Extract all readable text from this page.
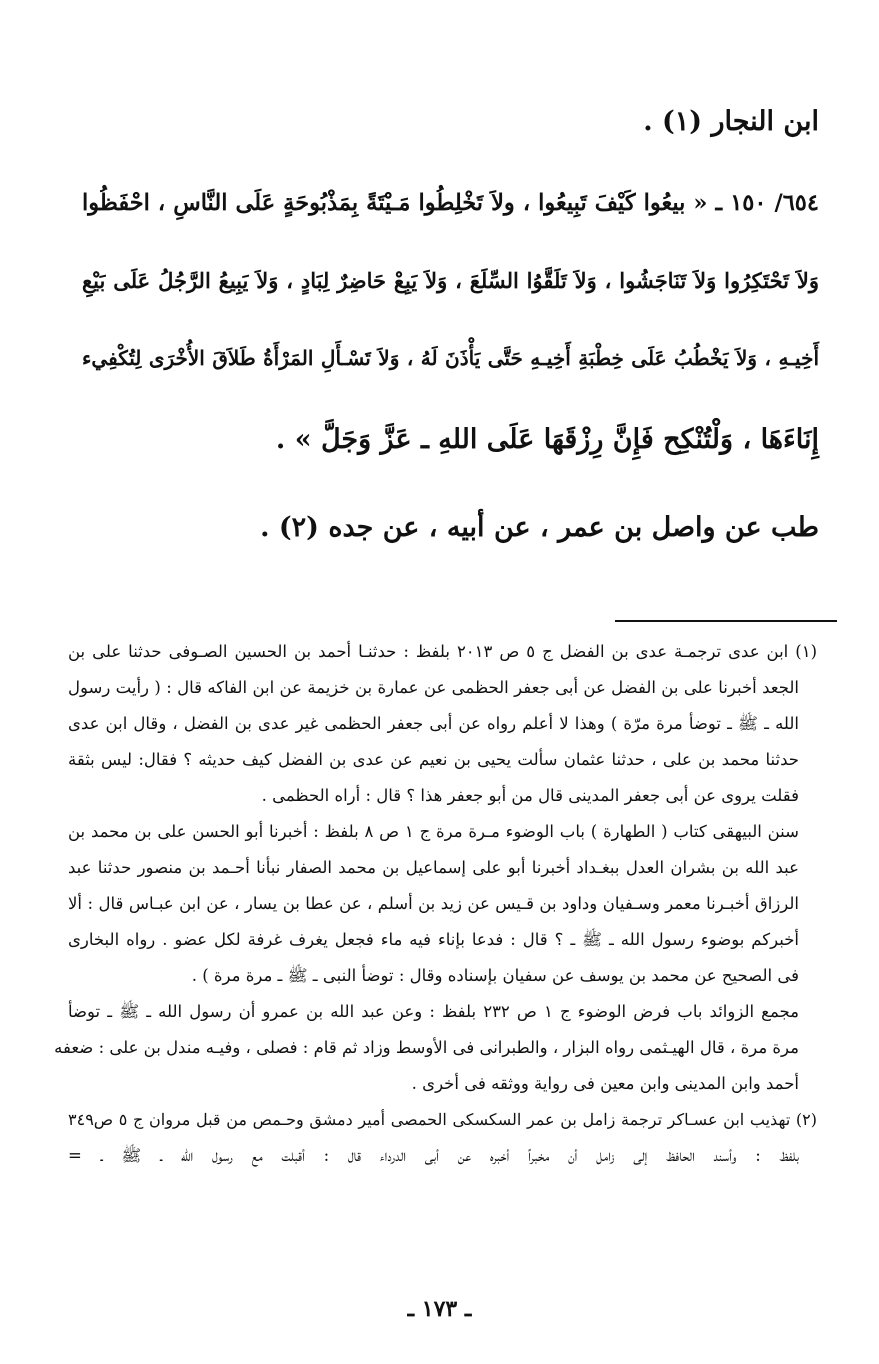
ابن النجار (١) .
٦٥٤/ ١٥٠ ـ « بيعُوا كَيْفَ تَبِيعُوا ، ولاَ تَخْلِطُوا مَـيْتَةً بِمَذْبُوحَةٍ عَلَى النَّاسِ ، احْفَظُوا
وَلاَ تَحْتَكِرُوا وَلاَ تَنَاجَشُوا ، وَلاَ تَلَقَّوُا السِّلَعَ ، وَلاَ يَبِعْ حَاضِرٌ لِبَادٍ ، وَلاَ يَبِيعُ الرَّجُلُ عَلَى بَيْعِ
أَخِيـهِ ، وَلاَ يَخْطُبُ عَلَى خِطْبَةِ أَخِيـهِ حَتَّى يَأْذَنَ لَهُ ، وَلاَ تَسْـأَلِ المَرْأَةُ طَلاَقَ الأُخْرَى لِتُكْفِيء
إِنَاءَهَا ، وَلْتُنْكِح فَإِنَّ رِزْقَهَا عَلَى اللهِ ـ عَزَّ وَجَلَّ » .
طب عن واصل بن عمر ، عن أبيه ، عن جده (٢) .
(١) ابن عدى ترجمـة عدى بن الفضل ج ٥ ص ٢٠١٣ بلفظ : حدثنـا أحمد بن الحسين الصـوفى حدثنا على بن
الجعد أخبرنا على بن الفضل عن أبى جعفر الحظمى عن عمارة بن خزيمة عن ابن الفاكه قال : ( رأيت رسول
الله ـ ﷺ ـ توضأ مرة مرّة ) وهذا لا أعلم رواه عن أبى جعفر الحظمى غير عدى بن الفضل ، وقال ابن عدى
حدثنا محمد بن على ، حدثنا عثمان سألت يحيى بن نعيم عن عدى بن الفضل كيف حديثه ؟ فقال: ليس بثقة
فقلت يروى عن أبى جعفر المدينى قال من أبو جعفر هذا ؟ قال : أراه الحظمى .
سنن البيهقى كتاب ( الطهارة ) باب الوضوء مـرة مرة ج ١ ص ٨ بلفظ : أخبرنا أبو الحسن على بن محمد بن
عبد الله بن بشران العدل ببغـداد أخبرنا أبو على إسماعيل بن محمد الصفار نبأنا أحـمد بن منصور حدثنا عبد
الرزاق أخبـرنا معمر وسـفيان وداود بن قـيس عن زيد بن أسلم ، عن عطا بن يسار ، عن ابن عبـاس قال : ألا
أخبركم بوضوء رسول الله ـ ﷺ ـ ؟ قال : فدعا بإناء فيه ماء فجعل يغرف غرفة لكل عضو . رواه البخارى
فى الصحيح عن محمد بن يوسف عن سفيان بإسناده وقال : توضأ النبى ـ ﷺ ـ مرة مرة ) .
مجمع الزوائد باب فرض الوضوء ج ١ ص ٢٣٢ بلفظ : وعن عبد الله بن عمرو أن رسول الله ـ ﷺ ـ توضأ
مرة مرة ، قال الهيـثمى رواه البزار ، والطبرانى فى الأوسط وزاد ثم قام : فصلى ، وفيـه مندل بن على : ضعفه
أحمد وابن المدينى وابن معين فى رواية ووثقه فى أخرى .
(٢) تهذيب ابن عسـاكر ترجمة زامل بن عمر السكسكى الحمصى أمير دمشق وحـمص من قبل مروان ج ٥ ص٣٤٩
بلفظ : وأسند الحافظ إلى زامل أن مخبراً أخبره عن أبى الدرداء قال : أقبلت مع رسول الله ـ ﷺ ـ =
ـ ١٧٣ ـ
